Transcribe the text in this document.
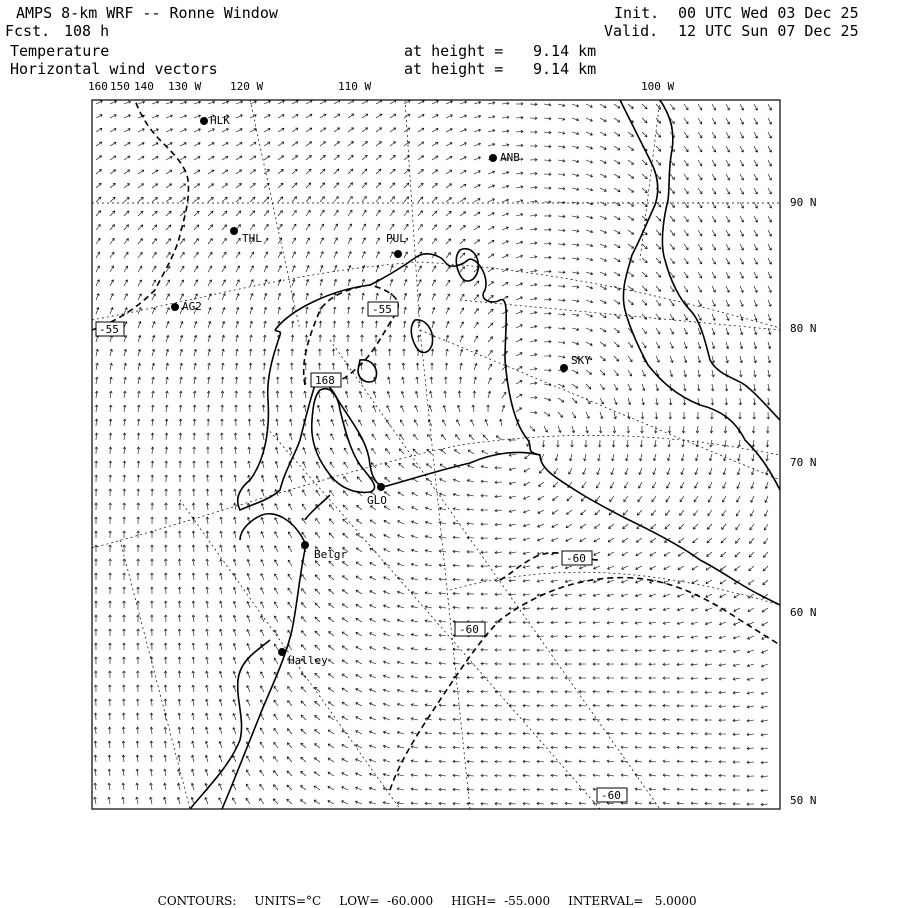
AMPS 8-km WRF -- Ronne Window
Fcst. 108 h
Init. 00 UTC Wed 03 Dec 25
Valid. 12 UTC Sun 07 Dec 25
Temperature
Horizontal wind vectors
at height = 9.14 km
at height = 9.14 km
160 150 140 130 W	120 W	110 W	100 W
90 N
80 N
70 N
60 N
50 N
HLK
ANB
THL	PUL
AG2
SKY
GLO
Belgr
Halley
-55
-55
168
-60
-60
-60

CONTOURS: UNITS=°C LOW=  -60.000 HIGH=  -55.000 INTERVAL=   5.0000
